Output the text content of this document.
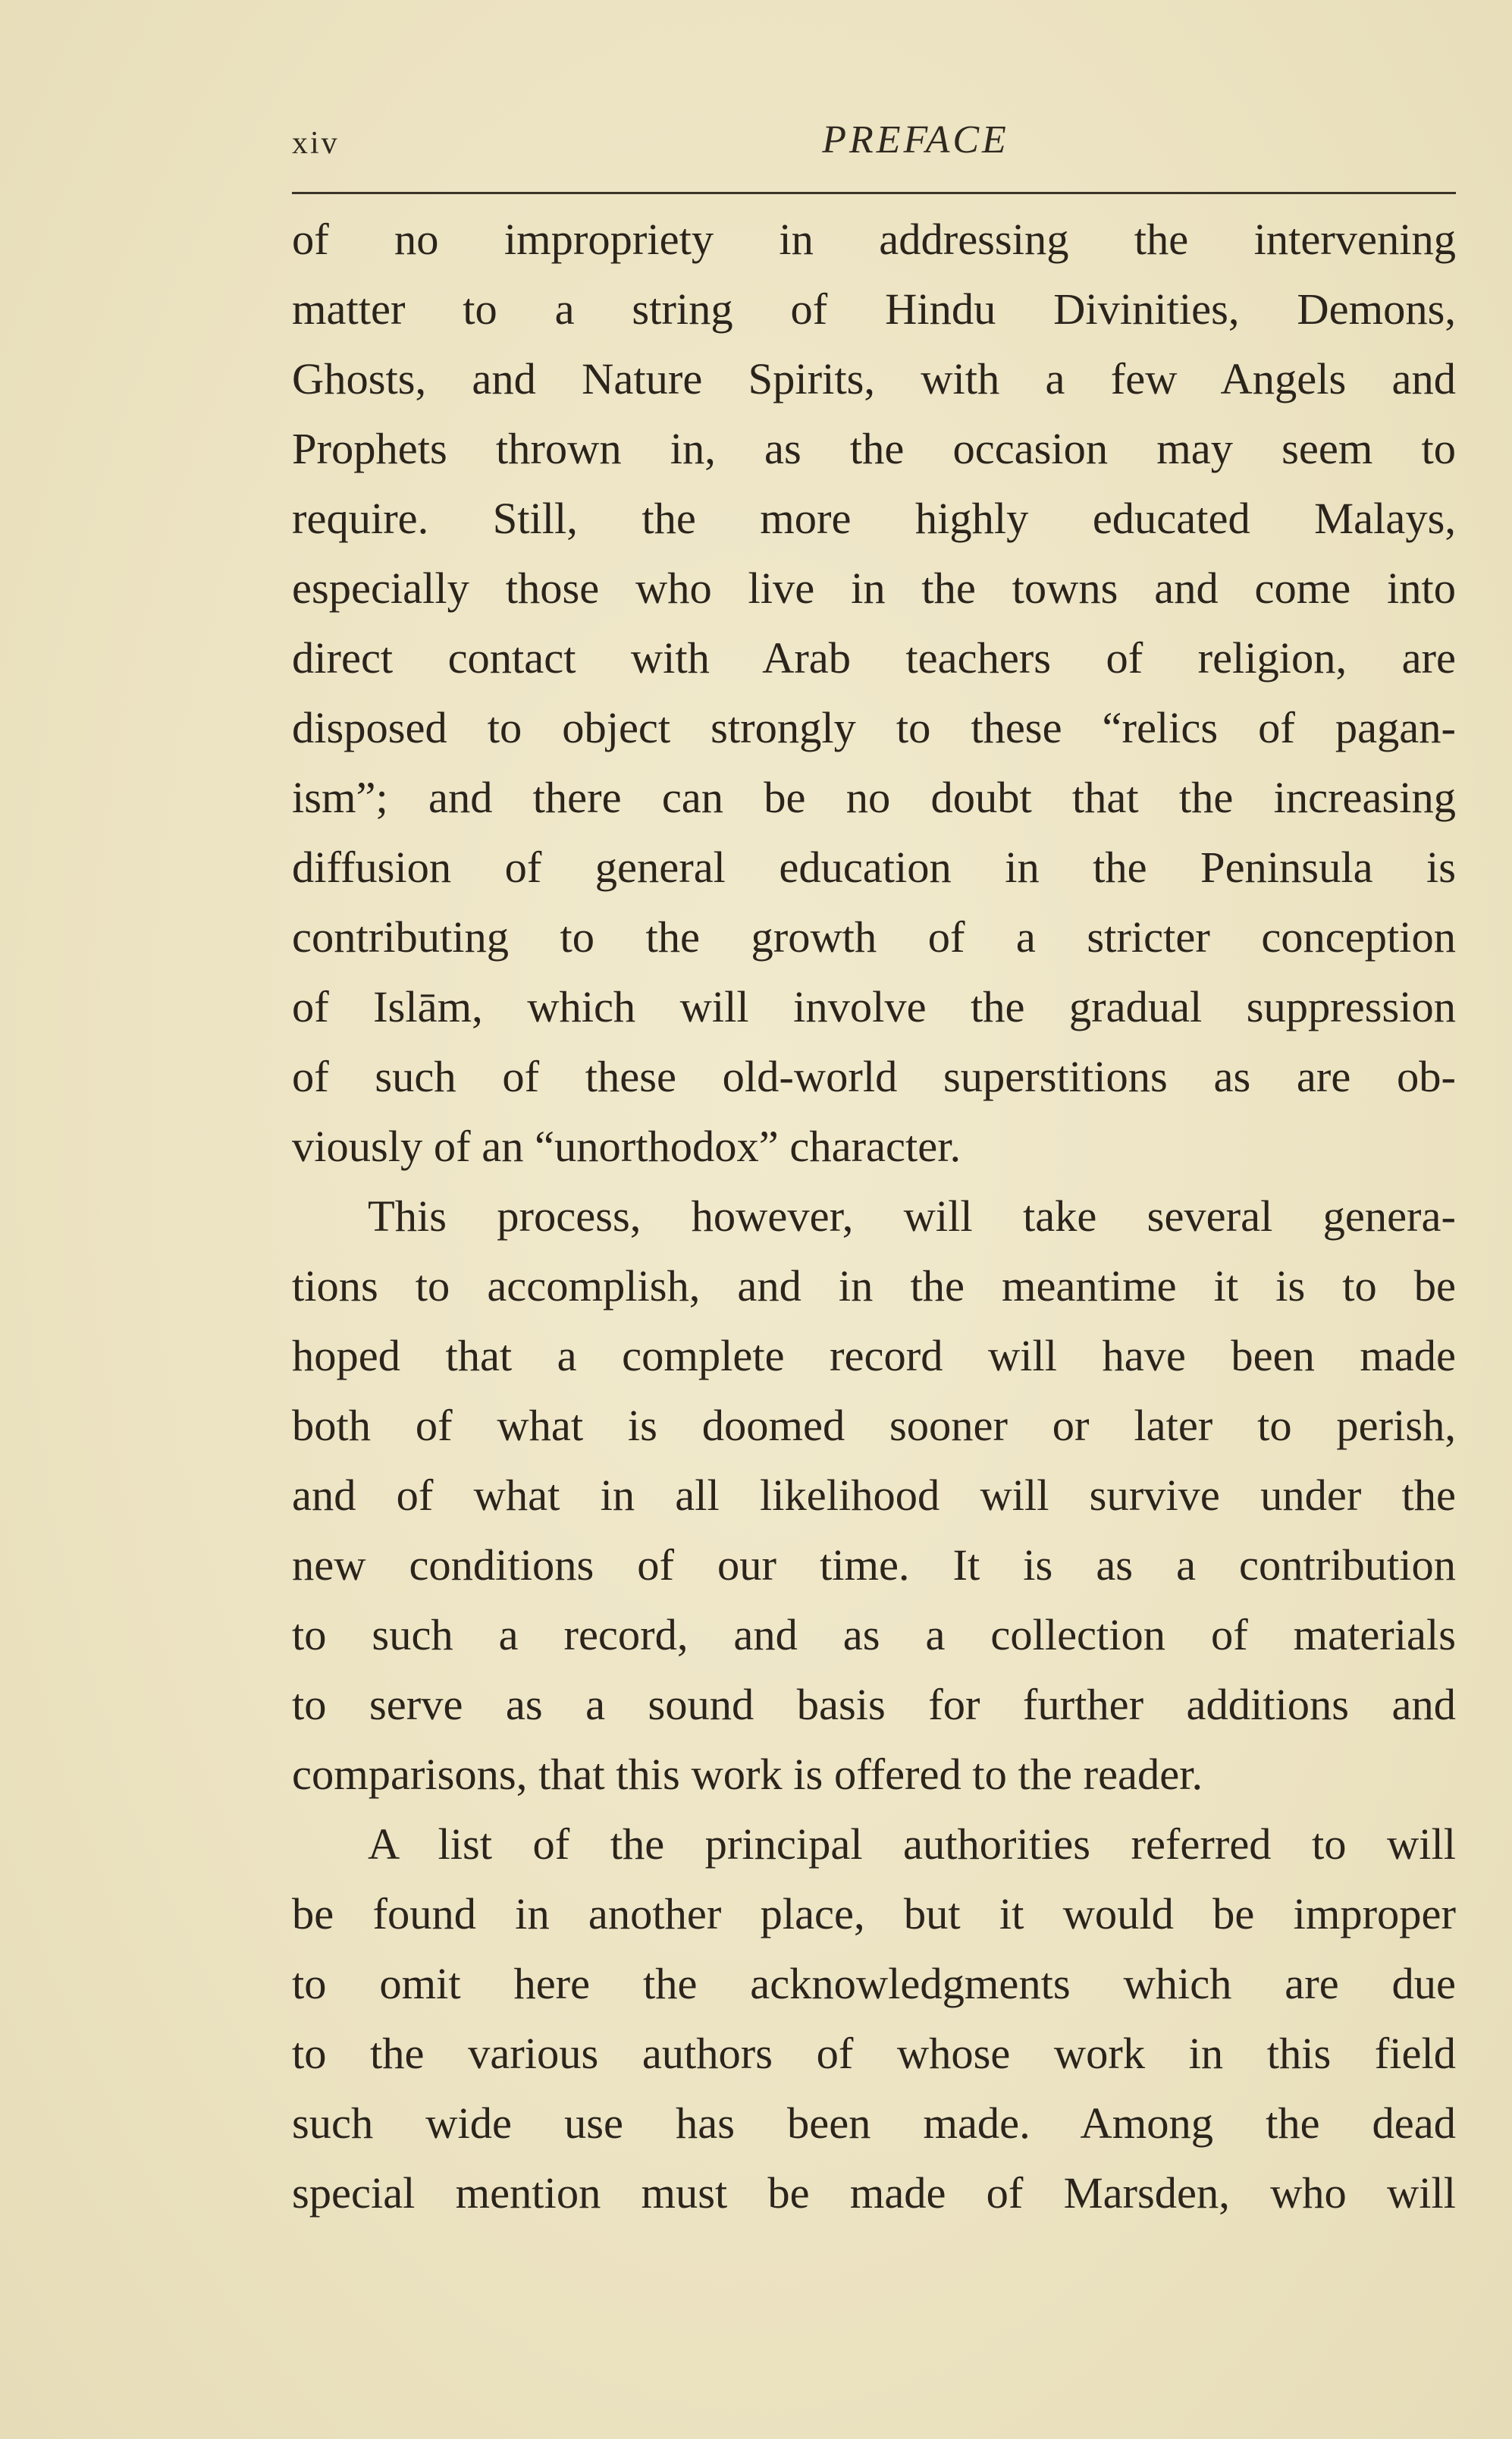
xiv	PREFACE
of no impropriety in addressing the intervening
matter to a string of Hindu Divinities, Demons,
Ghosts, and Nature Spirits, with a few Angels and
Prophets thrown in, as the occasion may seem to
require. Still, the more highly educated Malays,
especially those who live in the towns and come into
direct contact with Arab teachers of religion, are
disposed to object strongly to these “relics of pagan-
ism”; and there can be no doubt that the increasing
diffusion of general education in the Peninsula is
contributing to the growth of a stricter conception
of Islām, which will involve the gradual suppression
of such of these old-world superstitions as are ob-
viously of an “unorthodox” character.
This process, however, will take several genera-
tions to accomplish, and in the meantime it is to be
hoped that a complete record will have been made
both of what is doomed sooner or later to perish,
and of what in all likelihood will survive under the
new conditions of our time. It is as a contribution
to such a record, and as a collection of materials
to serve as a sound basis for further additions and
comparisons, that this work is offered to the reader.
A list of the principal authorities referred to will
be found in another place, but it would be improper
to omit here the acknowledgments which are due
to the various authors of whose work in this field
such wide use has been made. Among the dead
special mention must be made of Marsden, who will
